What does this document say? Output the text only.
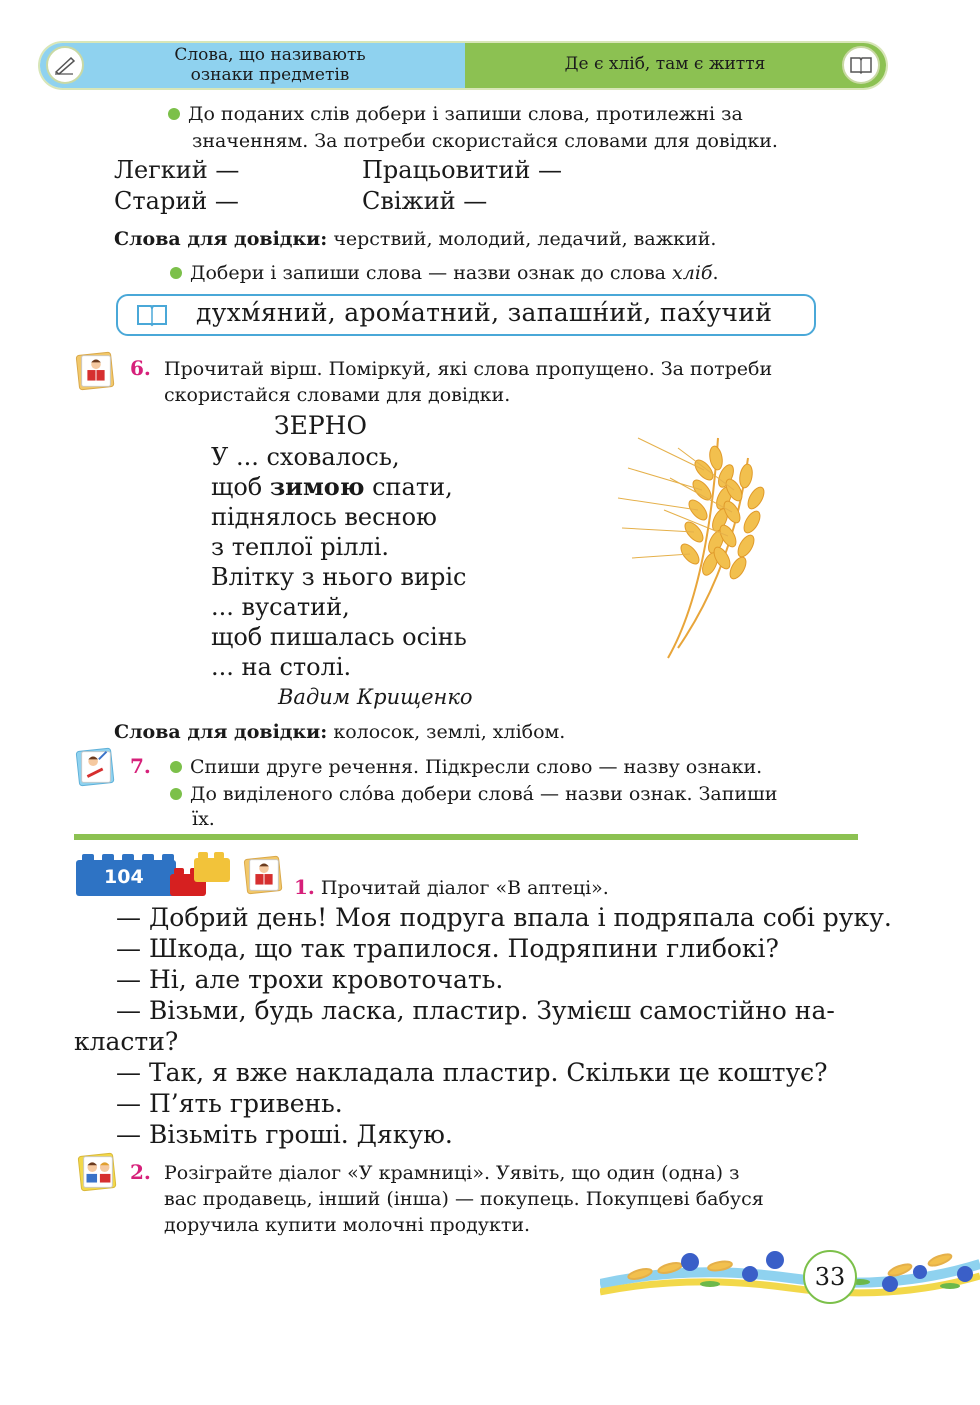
Слова, що називають
ознаки предметів
Де є хліб, там є життя
До поданих слів добери і запиши слова, протилежні за
значенням. За потреби скористайся словами для довідки.
Легкий —	Працьовитий —
Старий —	Свіжий —
Слова для довідки: черствий, молодий, ледачий, важкий.
Добери і запиши слова — назви ознак до слова хліб.
духм́яний, аром́атний, запашн́ий, пах́учий
6. Прочитай вірш. Поміркуй, які слова пропущено. За потреби
скористайся словами для довідки.
ЗЕРНО
У ... сховалось,
щоб зимою спати,
піднялось весною
з теплої ріллі.
Влітку з нього виріс
... вусатий,
щоб пишалась осінь
... на столі.
Вадим Крищенко
Слова для довідки: колосок, землі, хлібом.
7.	Спиши друге речення. Підкресли слово — назву ознаки.
До виділеного слóва добери словá — назви ознак. Запиши
їх.
104	1. Прочитай діалог «В аптеці».
— Добрий день! Моя подруга впала і подряпала собі руку.
— Шкода, що так трапилося. Подряпини глибокі?
— Ні, але трохи кровоточать.
— Візьми, будь ласка, пластир. Зумієш самостійно на-
класти?
— Так, я вже накладала пластир. Скільки це коштує?
— П’ять гривень.
— Візьміть гроші. Дякую.
2. Розіграйте діалог «У крамниці». Уявіть, що один (одна) з
вас продавець, інший (інша) — покупець. Покупцеві бабуся
доручила купити молочні продукти.
33
